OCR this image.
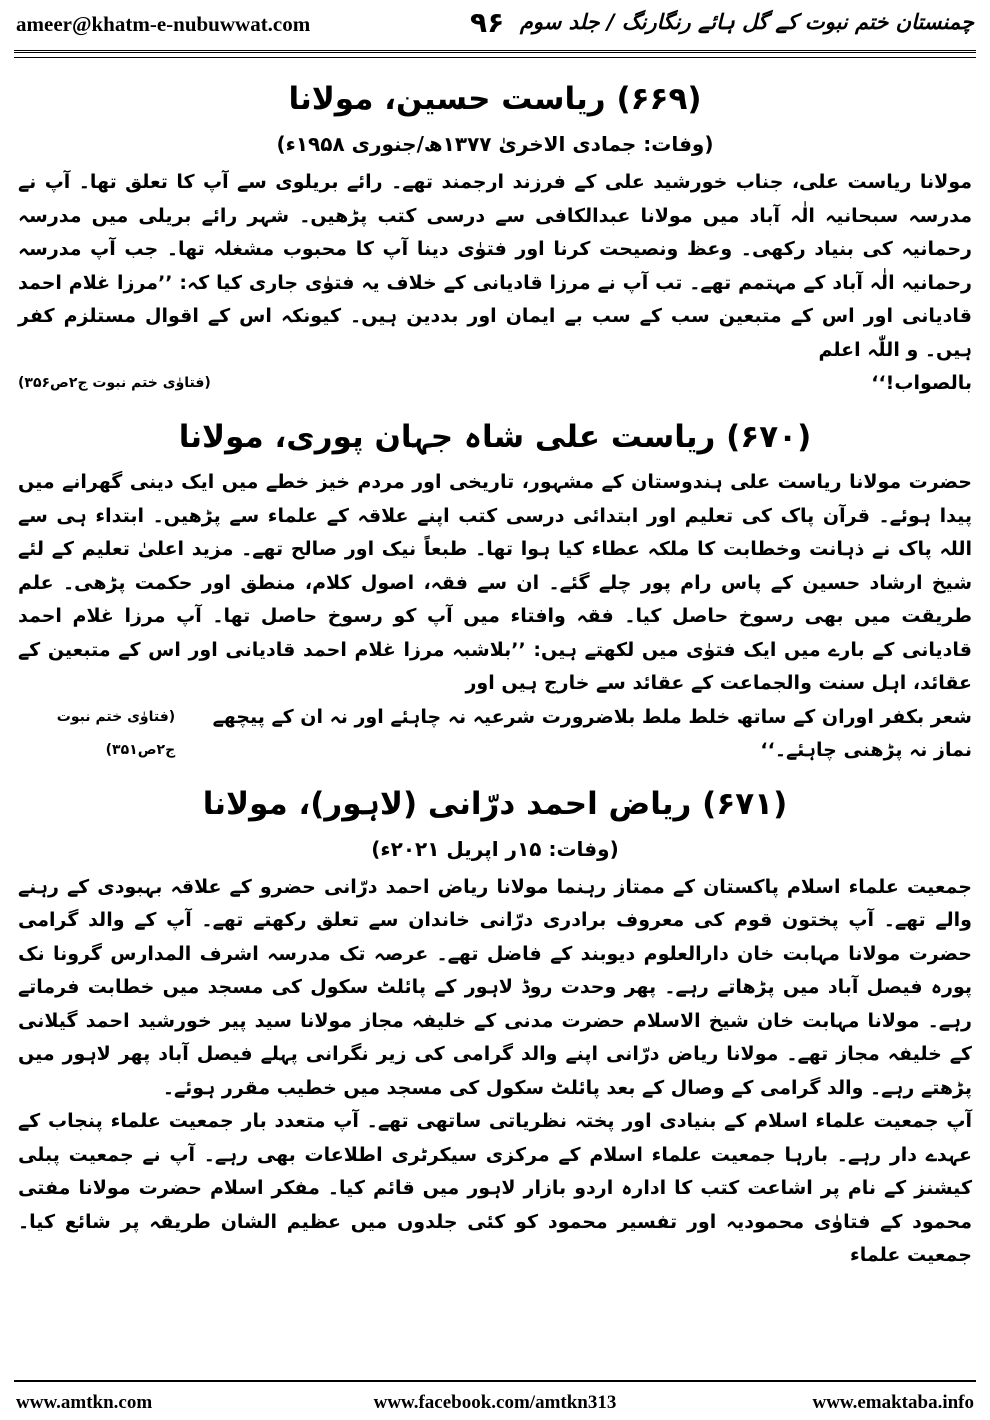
ameer@khatm-e-nubuwwat.com	۹۶ چمنستان ختم نبوت کے گل ہائے رنگارنگ / جلد سوم
(۶۶۹) ریاست حسین، مولانا
(وفات: جمادی الاخریٰ ۱۳۷۷ھ/جنوری ۱۹۵۸ء)

مولانا ریاست علی، جناب خورشید علی کے فرزند ارجمند تھے۔ رائے بریلوی سے آپ کا تعلق تھا۔ آپ نے مدرسہ سبحانیہ الٰہ آباد میں مولانا عبدالکافی سے درسی کتب پڑھیں۔ شہر رائے بریلی میں مدرسہ رحمانیہ کی بنیاد رکھی۔ وعظ ونصیحت کرنا اور فتوٰی دینا آپ کا محبوب مشغلہ تھا۔ جب آپ مدرسہ رحمانیہ الٰہ آباد کے مہتمم تھے۔ تب آپ نے مرزا قادیانی کے خلاف یہ فتوٰی جاری کیا کہ: ’’مرزا غلام احمد قادیانی اور اس کے متبعین سب کے سب بے ایمان اور بددین ہیں۔ کیونکہ اس کے اقوال مستلزم کفر ہیں۔ و اللّٰہ اعلم

بالصواب!‘‘
(فتاوٰی ختم نبوت ج۲ص۳۵۶)
(۶۷۰) ریاست علی شاہ جہان پوری، مولانا

حضرت مولانا ریاست علی ہندوستان کے مشہور، تاریخی اور مردم خیز خطے میں ایک دینی گھرانے میں پیدا ہوئے۔ قرآن پاک کی تعلیم اور ابتدائی درسی کتب اپنے علاقہ کے علماء سے پڑھیں۔ ابتداء ہی سے اللہ پاک نے ذہانت وخطابت کا ملکہ عطاء کیا ہوا تھا۔ طبعاً نیک اور صالح تھے۔ مزید اعلیٰ تعلیم کے لئے شیخ ارشاد حسین کے پاس رام پور چلے گئے۔ ان سے فقہ، اصول کلام، منطق اور حکمت پڑھی۔ علم طریقت میں بھی رسوخ حاصل کیا۔ فقہ وافتاء میں آپ کو رسوخ حاصل تھا۔ آپ مرزا غلام احمد قادیانی کے بارے میں ایک فتوٰی میں لکھتے ہیں: ’’بلاشبہ مرزا غلام احمد قادیانی اور اس کے متبعین کے عقائد، اہل سنت والجماعت کے عقائد سے خارج ہیں اور

شعر بکفر اوران کے ساتھ خلط ملط بلاضرورت شرعیہ نہ چاہئے اور نہ ان کے پیچھے نماز نہ پڑھنی چاہئے۔‘‘
(فتاوٰی ختم نبوت ج۲ص۳۵۱)
(۶۷۱) ریاض احمد درّانی (لاہور)، مولانا
(وفات: ۱۵ر اپریل ۲۰۲۱ء)

جمعیت علماء اسلام پاکستان کے ممتاز رہنما مولانا ریاض احمد درّانی حضرو کے علاقہ بہبودی کے رہنے والے تھے۔ آپ پختون قوم کی معروف برادری درّانی خاندان سے تعلق رکھتے تھے۔ آپ کے والد گرامی حضرت مولانا مہابت خان دارالعلوم دیوبند کے فاضل تھے۔ عرصہ تک مدرسہ اشرف المدارس گرونا نک پورہ فیصل آباد میں پڑھاتے رہے۔ پھر وحدت روڈ لاہور کے پائلٹ سکول کی مسجد میں خطابت فرماتے رہے۔ مولانا مہابت خان شیخ الاسلام حضرت مدنی کے خلیفہ مجاز مولانا سید پیر خورشید احمد گیلانی کے خلیفہ مجاز تھے۔ مولانا ریاض درّانی اپنے والد گرامی کی زیر نگرانی پہلے فیصل آباد پھر لاہور میں پڑھتے رہے۔ والد گرامی کے وصال کے بعد پائلٹ سکول کی مسجد میں خطیب مقرر ہوئے۔

آپ جمعیت علماء اسلام کے بنیادی اور پختہ نظریاتی ساتھی تھے۔ آپ متعدد بار جمعیت علماء پنجاب کے عہدے دار رہے۔ بارہا جمعیت علماء اسلام کے مرکزی سیکرٹری اطلاعات بھی رہے۔ آپ نے جمعیت پبلی کیشنز کے نام پر اشاعت کتب کا ادارہ اردو بازار لاہور میں قائم کیا۔ مفکر اسلام حضرت مولانا مفتی محمود کے فتاوٰی محمودیہ اور تفسیر محمود کو کئی جلدوں میں عظیم الشان طریقہ پر شائع کیا۔ جمعیت علماء

www.amtkn.com	www.facebook.com/amtkn313	www.emaktaba.info
